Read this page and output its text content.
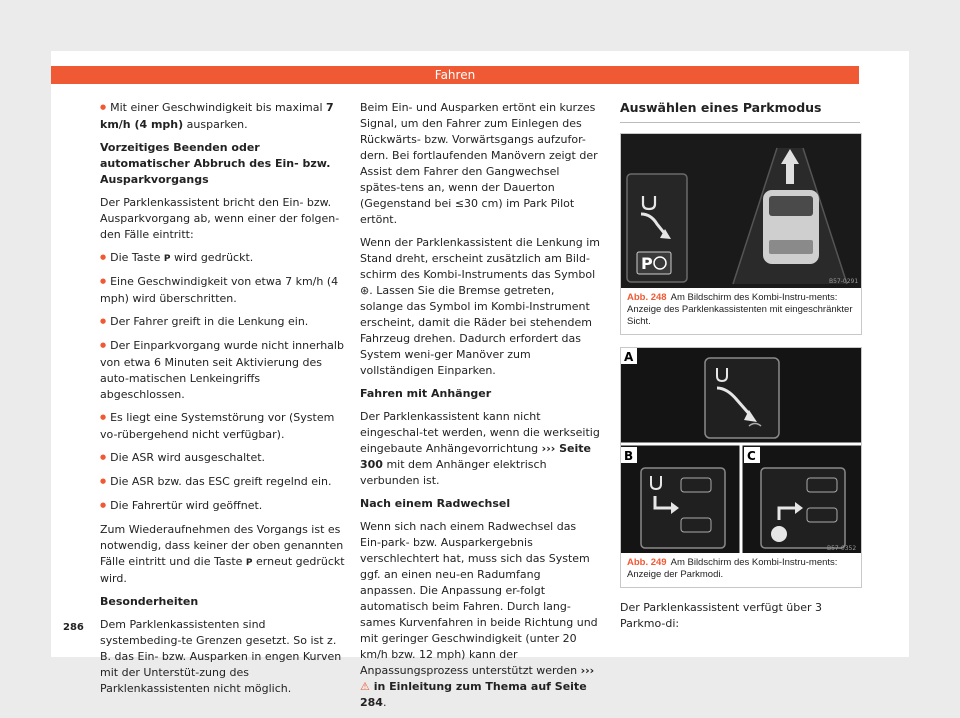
Fahren

● Mit einer Geschwindigkeit bis maximal 7 km/h (4 mph) ausparken.

Vorzeitiges Beenden oder automatischer Abbruch des Ein- bzw. Ausparkvorgangs

Der Parklenkassistent bricht den Ein- bzw. Ausparkvorgang ab, wenn einer der folgen-den Fälle eintritt:

● Die Taste P wird gedrückt.

● Eine Geschwindigkeit von etwa 7 km/h (4 mph) wird überschritten.

● Der Fahrer greift in die Lenkung ein.

● Der Einparkvorgang wurde nicht innerhalb von etwa 6 Minuten seit Aktivierung des auto-matischen Lenkeingriffs abgeschlossen.

● Es liegt eine Systemstörung vor (System vo-rübergehend nicht verfügbar).

● Die ASR wird ausgeschaltet.

● Die ASR bzw. das ESC greift regelnd ein.

● Die Fahrertür wird geöffnet.

Zum Wiederaufnehmen des Vorgangs ist es notwendig, dass keiner der oben genannten Fälle eintritt und die Taste P erneut gedrückt wird.

Besonderheiten

Dem Parklenkassistenten sind systembeding-te Grenzen gesetzt. So ist z. B. das Ein- bzw. Ausparken in engen Kurven mit der Unterstüt-zung des Parklenkassistenten nicht möglich.

Beim Ein- und Ausparken ertönt ein kurzes Signal, um den Fahrer zum Einlegen des Rückwärts- bzw. Vorwärtsgangs aufzufor-dern. Bei fortlaufenden Manövern zeigt der Assist dem Fahrer den Gangwechsel spätes-tens an, wenn der Dauerton (Gegenstand bei ≤30 cm) im Park Pilot ertönt.

Wenn der Parklenkassistent die Lenkung im Stand dreht, erscheint zusätzlich am Bild-schirm des Kombi-Instruments das Symbol ⊛. Lassen Sie die Bremse getreten, solange das Symbol im Kombi-Instrument erscheint, damit die Räder bei stehendem Fahrzeug drehen. Dadurch erfordert das System weni-ger Manöver zum vollständigen Einparken.

Fahren mit Anhänger

Der Parklenkassistent kann nicht eingeschal-tet werden, wenn die werkseitig eingebaute Anhängevorrichtung ››› Seite 300 mit dem Anhänger elektrisch verbunden ist.

Nach einem Radwechsel

Wenn sich nach einem Radwechsel das Ein-park- bzw. Ausparkergebnis verschlechtert hat, muss sich das System ggf. an einen neu-en Radumfang anpassen. Die Anpassung er-folgt automatisch beim Fahren. Durch lang-sames Kurvenfahren in beide Richtung und mit geringer Geschwindigkeit (unter 20 km/h bzw. 12 mph) kann der Anpassungsprozess unterstützt werden ››› ⚠ in Einleitung zum Thema auf Seite 284.

Auswählen eines Parkmodus
P
B57-0291
Abb. 248 Am Bildschirm des Kombi-Instru-ments: Anzeige des Parklenkassistenten mit eingeschränkter Sicht.
A
B	C
B57-0352
Abb. 249 Am Bildschirm des Kombi-Instru-ments: Anzeige der Parkmodi.

Der Parklenkassistent verfügt über 3 Parkmo-di:

286
